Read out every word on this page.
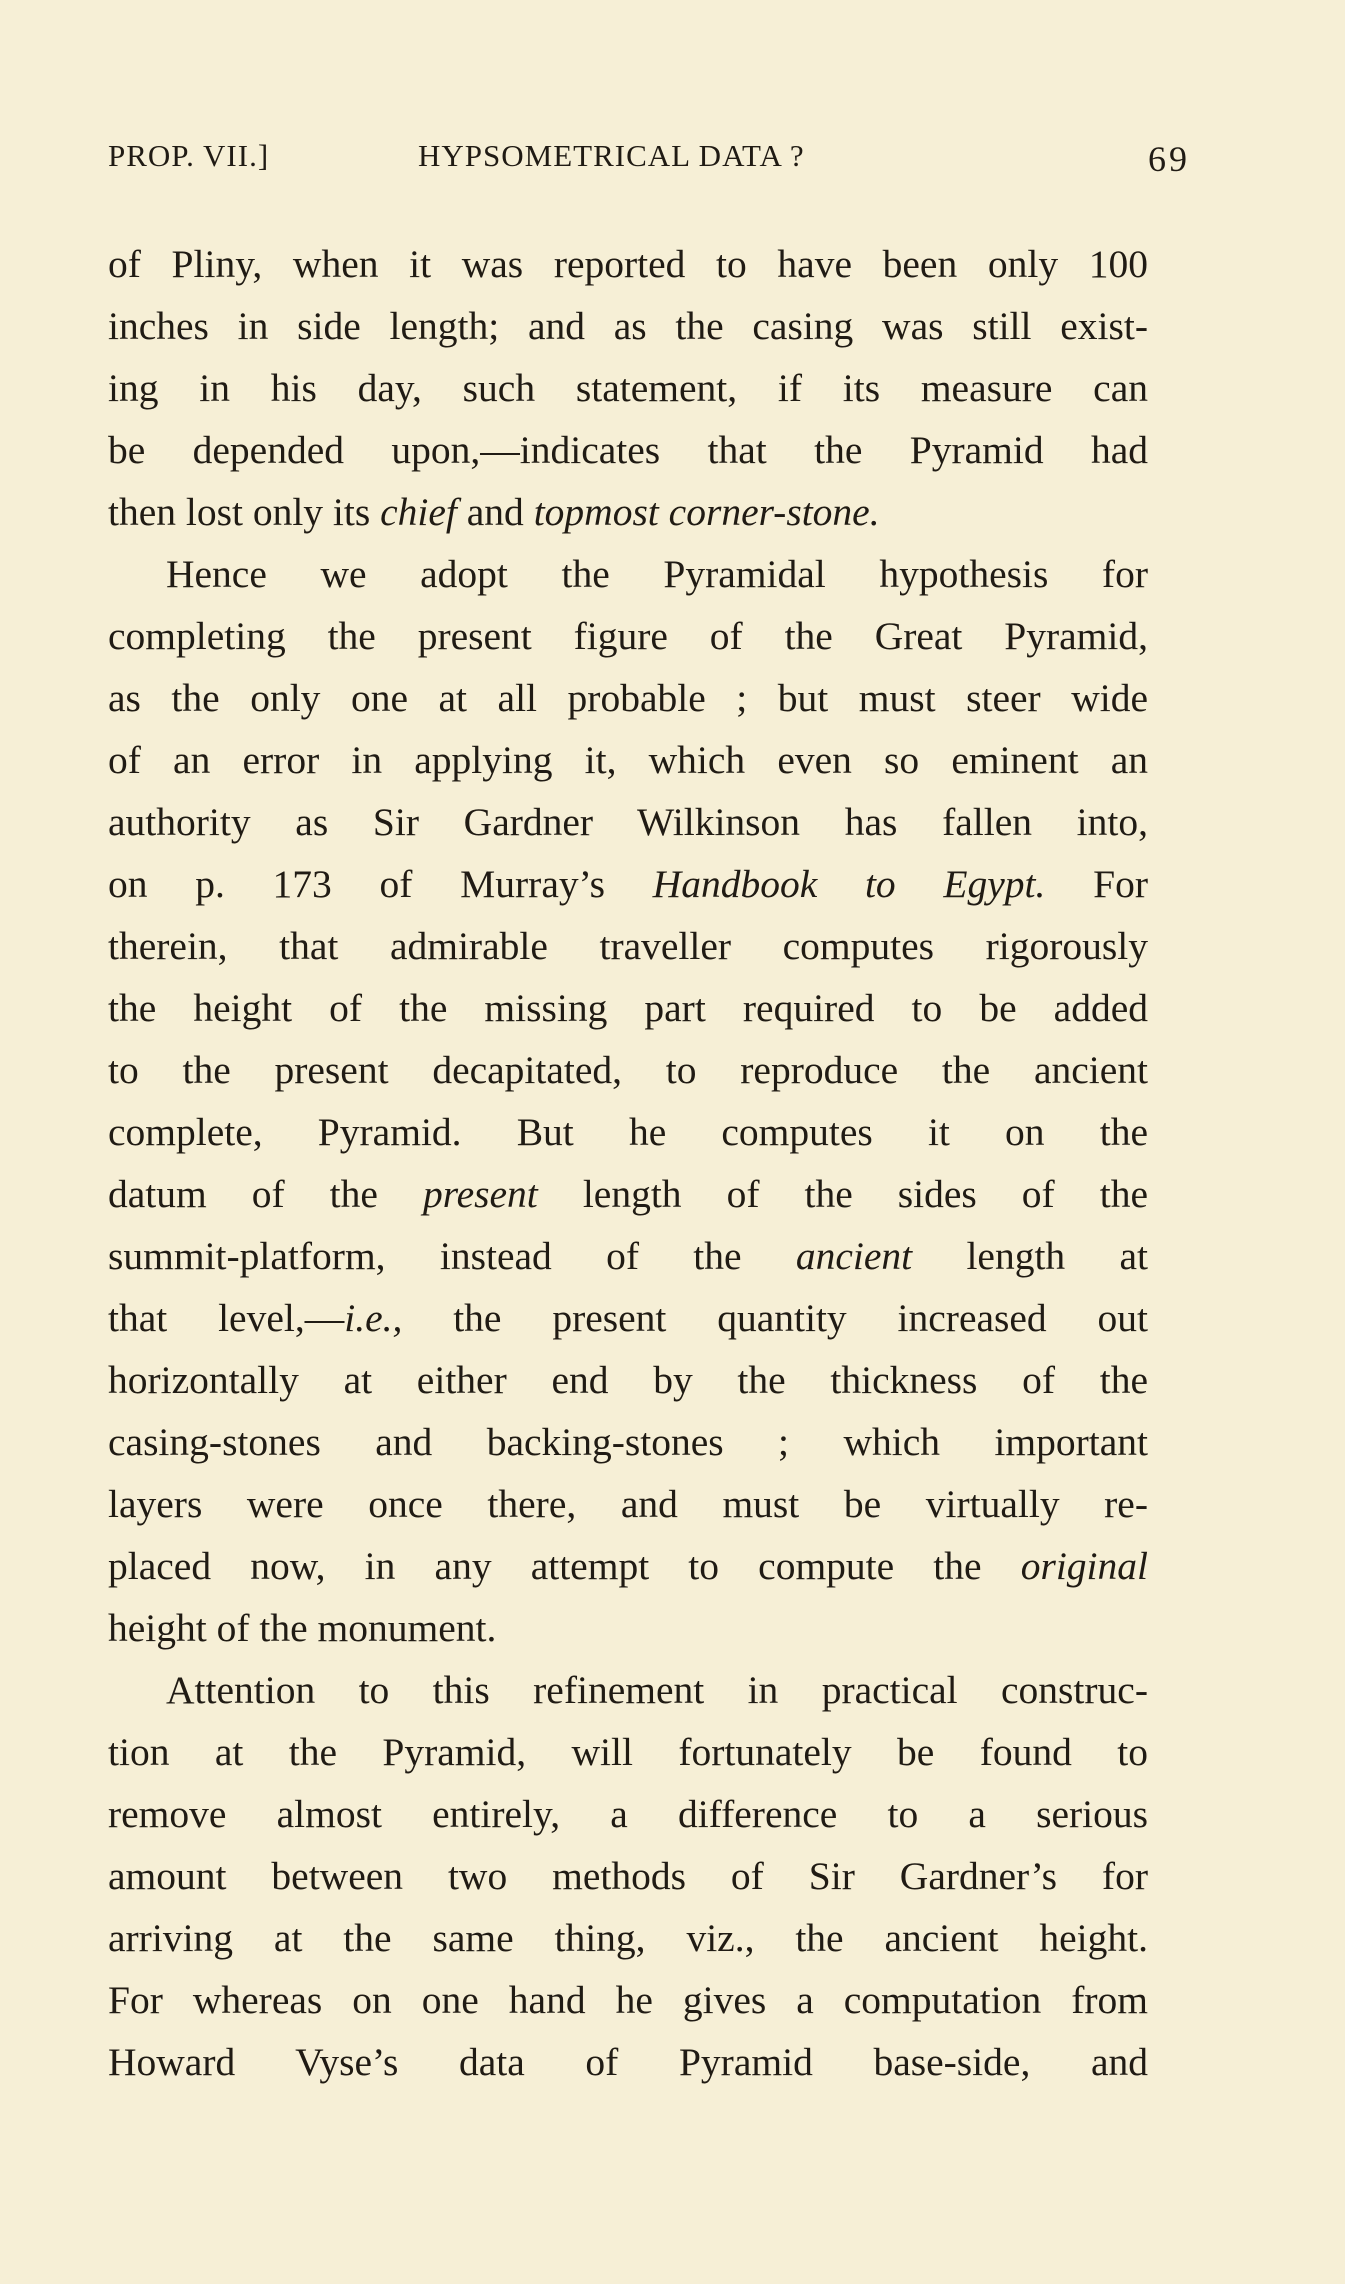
PROP. VII.]	HYPSOMETRICAL DATA ?	69
of Pliny, when it was reported to have been only 100
inches in side length; and as the casing was still exist-
ing in his day, such statement, if its measure can
be depended upon,—indicates that the Pyramid had
then lost only its chief and topmost corner-stone.
Hence we adopt the Pyramidal hypothesis for
completing the present figure of the Great Pyramid,
as the only one at all probable ; but must steer wide
of an error in applying it, which even so eminent an
authority as Sir Gardner Wilkinson has fallen into,
on p. 173 of Murray’s Handbook to Egypt. For
therein, that admirable traveller computes rigorously
the height of the missing part required to be added
to the present decapitated, to reproduce the ancient
complete, Pyramid. But he computes it on the
datum of the present length of the sides of the
summit-platform, instead of the ancient length at
that level,—i.e., the present quantity increased out
horizontally at either end by the thickness of the
casing-stones and backing-stones ; which important
layers were once there, and must be virtually re-
placed now, in any attempt to compute the original
height of the monument.
Attention to this refinement in practical construc-
tion at the Pyramid, will fortunately be found to
remove almost entirely, a difference to a serious
amount between two methods of Sir Gardner’s for
arriving at the same thing, viz., the ancient height.
For whereas on one hand he gives a computation from
Howard Vyse’s data of Pyramid base-side, and
